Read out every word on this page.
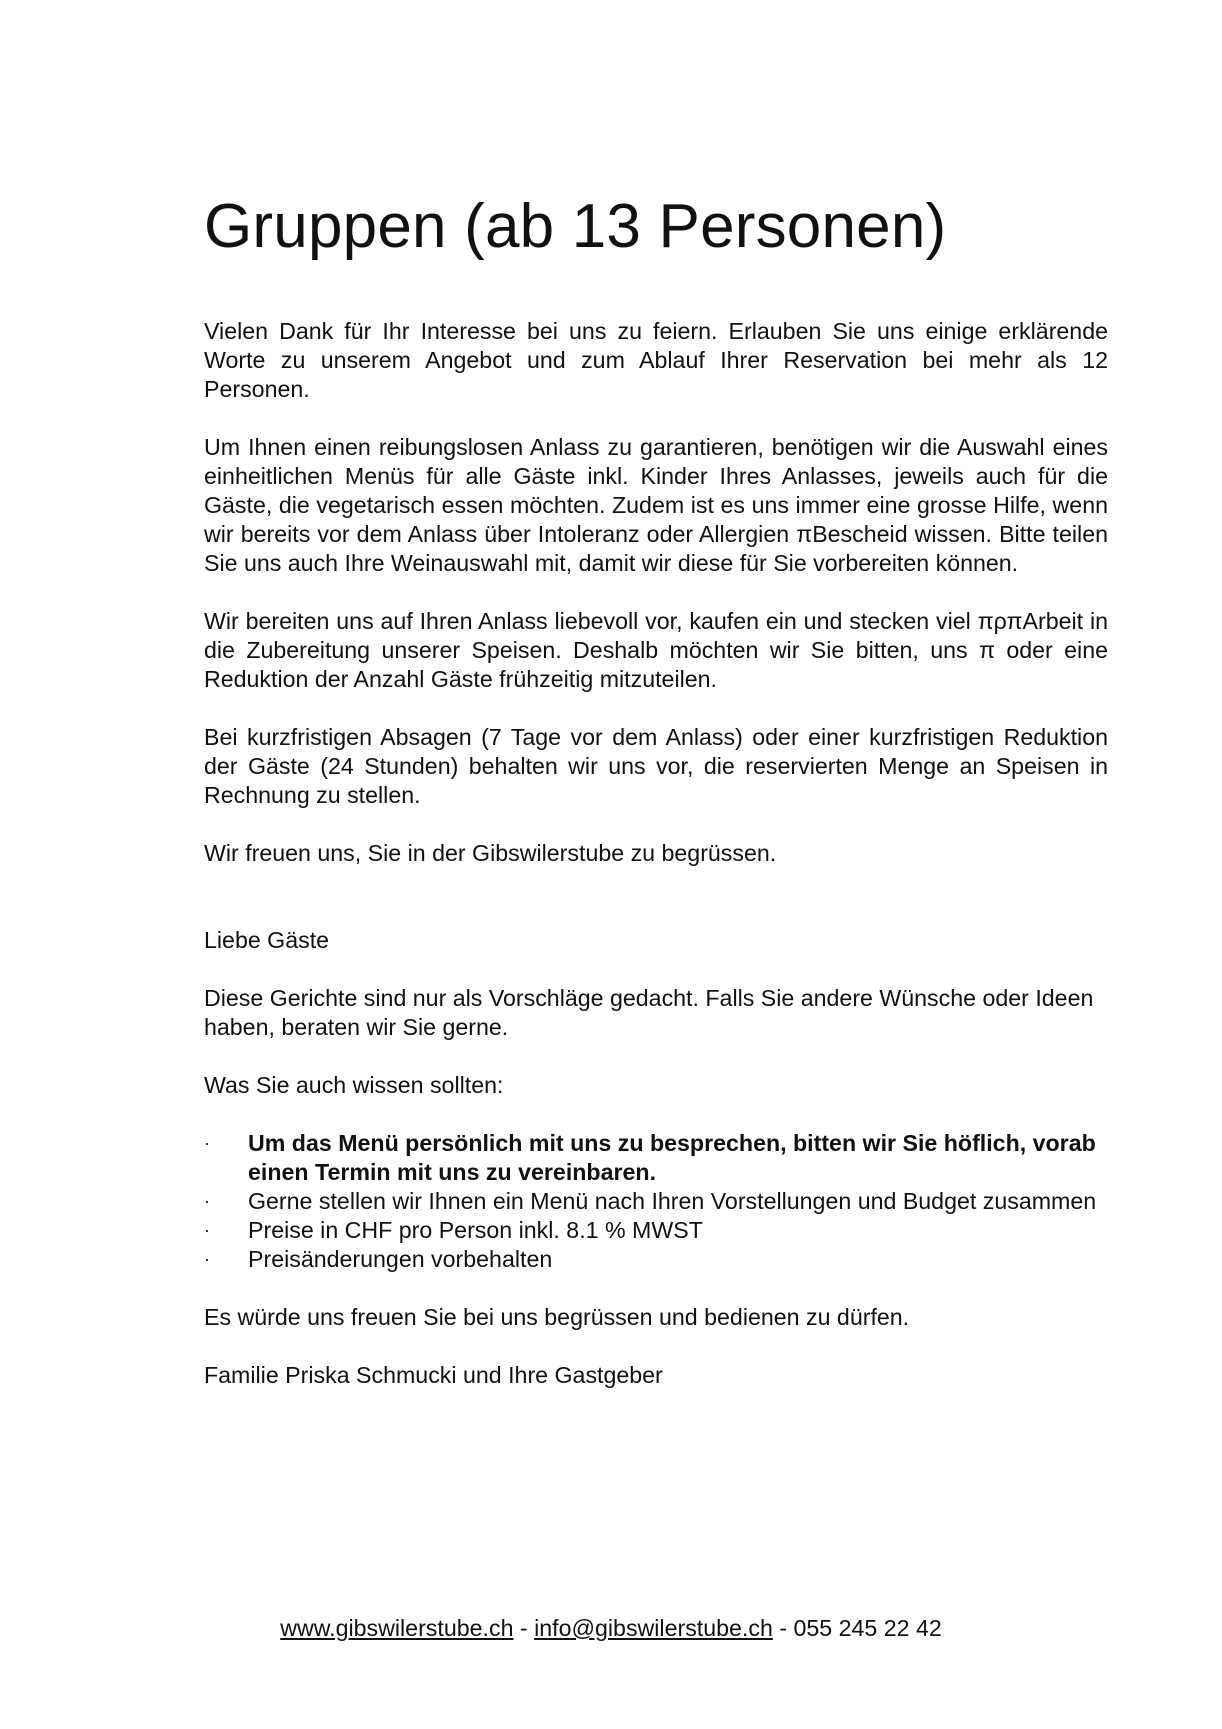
Gruppen (ab 13 Personen)

Vielen Dank für Ihr Interesse bei uns zu feiern. Erlauben Sie uns einige erklärende Worte zu unserem Angebot und zum Ablauf Ihrer Reservation bei mehr als 12 Personen.

Um Ihnen einen reibungslosen Anlass zu garantieren, benötigen wir die Auswahl eines einheitlichen Menüs für alle Gäste inkl. Kinder Ihres Anlasses, jeweils auch für die Gäste, die vegetarisch essen möchten. Zudem ist es uns immer eine grosse Hilfe, wenn wir bereits vor dem Anlass über Intoleranz oder Allergien πBescheid wissen. Bitte teilen Sie uns auch Ihre Weinauswahl mit, damit wir diese für Sie vorbereiten können.

Wir bereiten uns auf Ihren Anlass liebevoll vor, kaufen ein und stecken viel πρπArbeit in die Zubereitung unserer Speisen. Deshalb möchten wir Sie bitten, uns π oder eine Reduktion der Anzahl Gäste frühzeitig mitzuteilen.

Bei kurzfristigen Absagen (7 Tage vor dem Anlass) oder einer kurzfristigen Reduktion der Gäste (24 Stunden) behalten wir uns vor, die reservierten Menge an Speisen in Rechnung zu stellen.

Wir freuen uns, Sie in der Gibswilerstube zu begrüssen.

Liebe Gäste

Diese Gerichte sind nur als Vorschläge gedacht. Falls Sie andere Wünsche oder Ideen haben, beraten wir Sie gerne.

Was Sie auch wissen sollten:

· Um das Menü persönlich mit uns zu besprechen, bitten wir Sie höflich, vorab einen Termin mit uns zu vereinbaren.
· Gerne stellen wir Ihnen ein Menü nach Ihren Vorstellungen und Budget zusammen
· Preise in CHF pro Person inkl. 8.1 % MWST
· Preisänderungen vorbehalten

Es würde uns freuen Sie bei uns begrüssen und bedienen zu dürfen.

Familie Priska Schmucki und Ihre Gastgeber

www.gibswilerstube.ch - info@gibswilerstube.ch - 055 245 22 42
